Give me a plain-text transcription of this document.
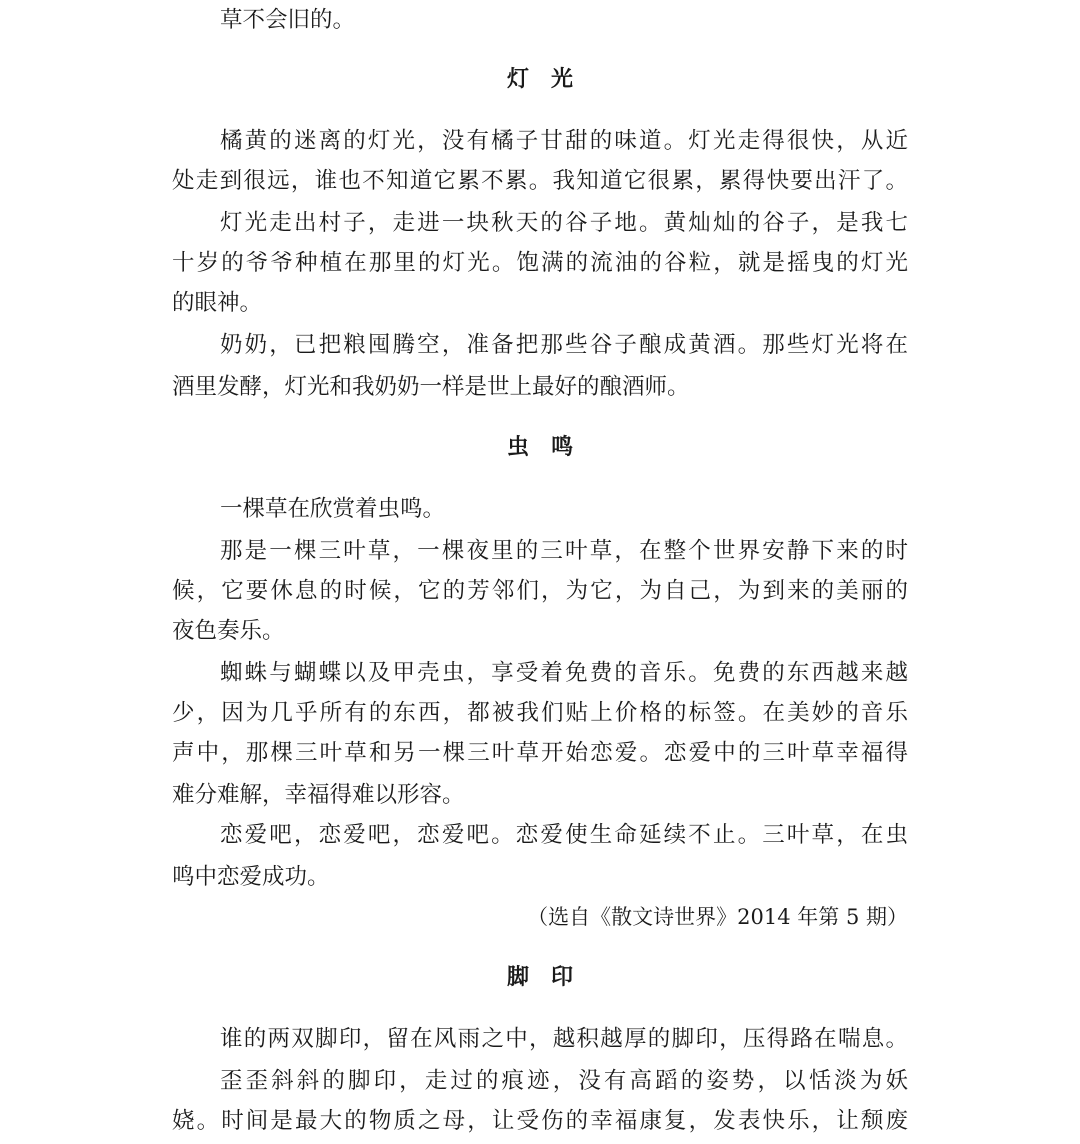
草不会旧的。
灯光
橘黄的迷离的灯光，没有橘子甘甜的味道。灯光走得很快，从近
处走到很远，谁也不知道它累不累。我知道它很累，累得快要出汗了。
灯光走出村子，走进一块秋天的谷子地。黄灿灿的谷子，是我七
十岁的爷爷种植在那里的灯光。饱满的流油的谷粒，就是摇曳的灯光
的眼神。
奶奶，已把粮囤腾空，准备把那些谷子酿成黄酒。那些灯光将在
酒里发酵，灯光和我奶奶一样是世上最好的酿酒师。
虫鸣
一棵草在欣赏着虫鸣。
那是一棵三叶草，一棵夜里的三叶草，在整个世界安静下来的时
候，它要休息的时候，它的芳邻们，为它，为自己，为到来的美丽的
夜色奏乐。
蜘蛛与蝴蝶以及甲壳虫，享受着免费的音乐。免费的东西越来越
少，因为几乎所有的东西，都被我们贴上价格的标签。在美妙的音乐
声中，那棵三叶草和另一棵三叶草开始恋爱。恋爱中的三叶草幸福得
难分难解，幸福得难以形容。
恋爱吧，恋爱吧，恋爱吧。恋爱使生命延续不止。三叶草，在虫
鸣中恋爱成功。
（选自《散文诗世界》2014 年第 5 期）
脚印
谁的两双脚印，留在风雨之中，越积越厚的脚印，压得路在喘息。
歪歪斜斜的脚印，走过的痕迹，没有高蹈的姿势，以恬淡为妖
娆。时间是最大的物质之母，让受伤的幸福康复，发表快乐，让颓废
